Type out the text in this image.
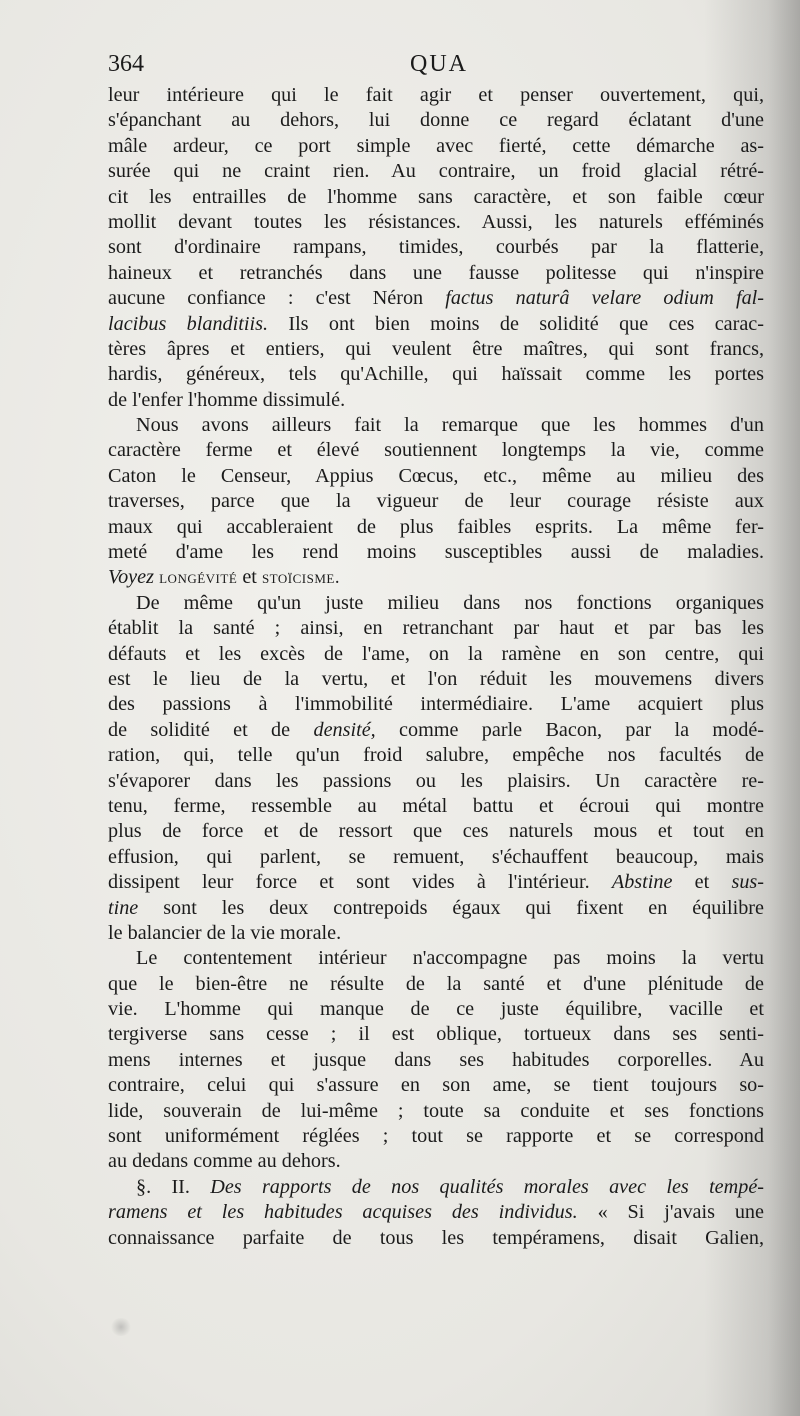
364	QUA
leur intérieure qui le fait agir et penser ouvertement, qui,
s'épanchant au dehors, lui donne ce regard éclatant d'une
mâle ardeur, ce port simple avec fierté, cette démarche as-
surée qui ne craint rien. Au contraire, un froid glacial rétré-
cit les entrailles de l'homme sans caractère, et son faible cœur
mollit devant toutes les résistances. Aussi, les naturels efféminés
sont d'ordinaire rampans, timides, courbés par la flatterie,
haineux et retranchés dans une fausse politesse qui n'inspire
aucune confiance : c'est Néron factus naturâ velare odium fal-
lacibus blanditiis. Ils ont bien moins de solidité que ces carac-
tères âpres et entiers, qui veulent être maîtres, qui sont francs,
hardis, généreux, tels qu'Achille, qui haïssait comme les portes
de l'enfer l'homme dissimulé.
Nous avons ailleurs fait la remarque que les hommes d'un
caractère ferme et élevé soutiennent longtemps la vie, comme
Caton le Censeur, Appius Cœcus, etc., même au milieu des
traverses, parce que la vigueur de leur courage résiste aux
maux qui accableraient de plus faibles esprits. La même fer-
meté d'ame les rend moins susceptibles aussi de maladies.
Voyez longévité et stoïcisme.
De même qu'un juste milieu dans nos fonctions organiques
établit la santé ; ainsi, en retranchant par haut et par bas les
défauts et les excès de l'ame, on la ramène en son centre, qui
est le lieu de la vertu, et l'on réduit les mouvemens divers
des passions à l'immobilité intermédiaire. L'ame acquiert plus
de solidité et de densité, comme parle Bacon, par la modé-
ration, qui, telle qu'un froid salubre, empêche nos facultés de
s'évaporer dans les passions ou les plaisirs. Un caractère re-
tenu, ferme, ressemble au métal battu et écroui qui montre
plus de force et de ressort que ces naturels mous et tout en
effusion, qui parlent, se remuent, s'échauffent beaucoup, mais
dissipent leur force et sont vides à l'intérieur. Abstine et sus-
tine sont les deux contrepoids égaux qui fixent en équilibre
le balancier de la vie morale.
Le contentement intérieur n'accompagne pas moins la vertu
que le bien-être ne résulte de la santé et d'une plénitude de
vie. L'homme qui manque de ce juste équilibre, vacille et
tergiverse sans cesse ; il est oblique, tortueux dans ses senti-
mens internes et jusque dans ses habitudes corporelles. Au
contraire, celui qui s'assure en son ame, se tient toujours so-
lide, souverain de lui-même ; toute sa conduite et ses fonctions
sont uniformément réglées ; tout se rapporte et se correspond
au dedans comme au dehors.
§. II. Des rapports de nos qualités morales avec les tempé-
ramens et les habitudes acquises des individus. « Si j'avais une
connaissance parfaite de tous les tempéramens, disait Galien,
